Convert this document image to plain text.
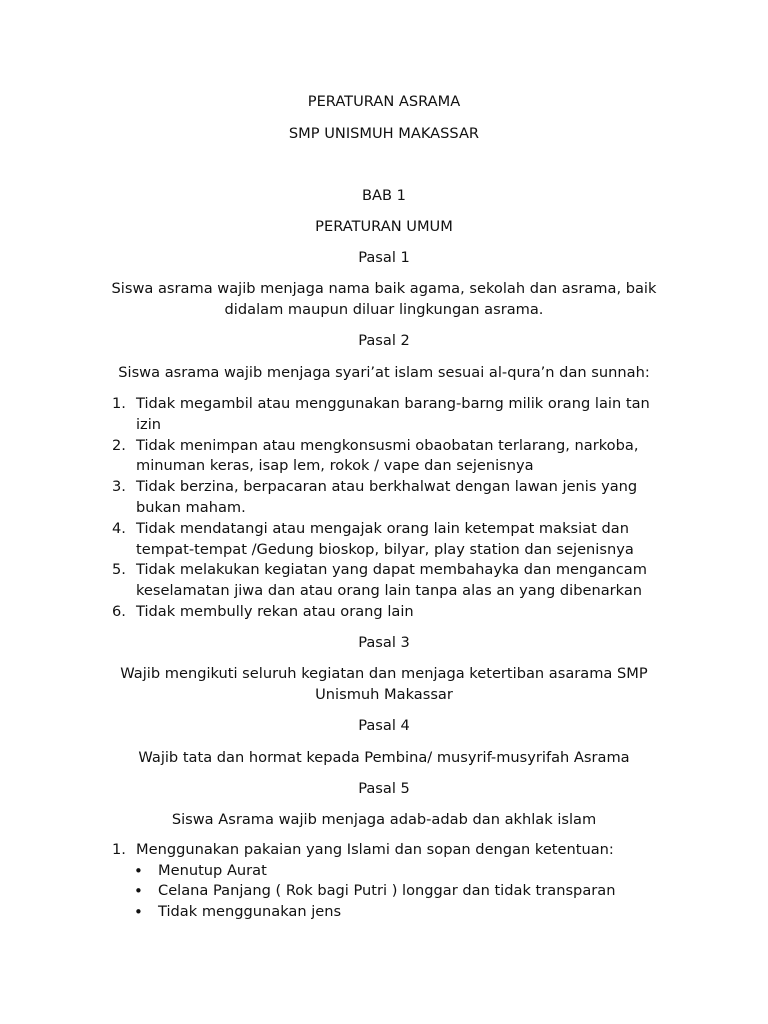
PERATURAN ASRAMA
SMP UNISMUH MAKASSAR
BAB 1
PERATURAN UMUM
Pasal 1
Siswa asrama wajib menjaga nama baik agama, sekolah dan asrama, baik didalam maupun diluar lingkungan asrama.
Pasal 2
Siswa asrama wajib menjaga syari’at islam sesuai al-qura’n dan sunnah:
1. Tidak megambil atau menggunakan barang-barng milik orang lain tan izin
2. Tidak menimpan atau mengkonsusmi obaobatan terlarang, narkoba, minuman keras, isap lem, rokok / vape dan sejenisnya
3. Tidak berzina, berpacaran atau berkhalwat dengan lawan jenis yang bukan maham.
4. Tidak mendatangi atau mengajak orang lain ketempat maksiat dan tempat-tempat /Gedung bioskop, bilyar, play station dan sejenisnya
5. Tidak melakukan kegiatan yang dapat membahayka dan mengancam keselamatan jiwa dan atau orang lain tanpa alas an yang dibenarkan
6. Tidak membully rekan atau orang lain
Pasal 3
Wajib mengikuti seluruh kegiatan dan menjaga ketertiban asarama SMP Unismuh Makassar
Pasal 4
Wajib tata dan hormat kepada Pembina/ musyrif-musyrifah Asrama
Pasal 5
Siswa Asrama wajib menjaga adab-adab dan akhlak islam
1. Menggunakan pakaian yang Islami dan sopan dengan ketentuan:
• Menutup Aurat
• Celana Panjang ( Rok bagi Putri ) longgar dan tidak transparan
• Tidak menggunakan jens
